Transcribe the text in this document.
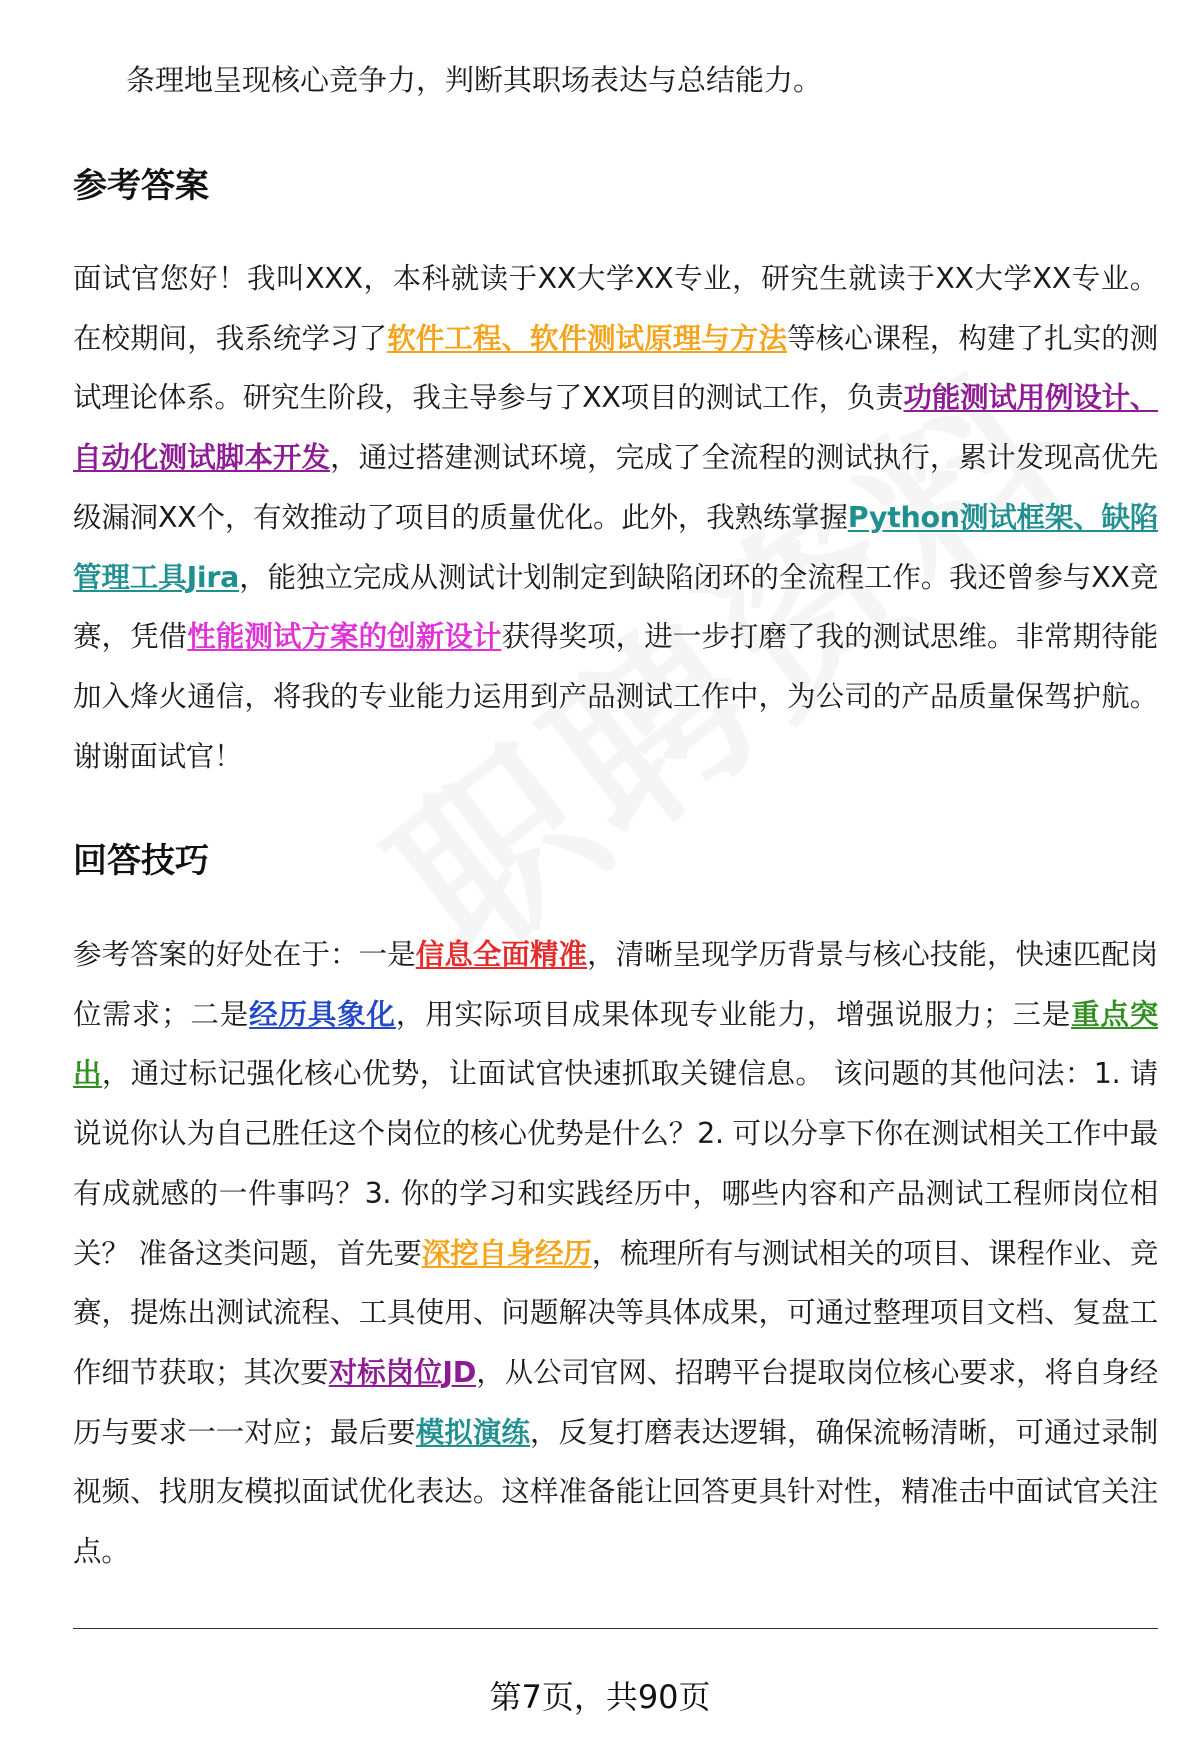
条理地呈现核心竞争力，判断其职场表达与总结能力。

参考答案

面试官您好！我叫XXX，本科就读于XX大学XX专业，研究生就读于XX大学XX专业。在校期间，我系统学习了软件工程、软件测试原理与方法等核心课程，构建了扎实的测试理论体系。研究生阶段，我主导参与了XX项目的测试工作，负责功能测试用例设计、自动化测试脚本开发，通过搭建测试环境，完成了全流程的测试执行，累计发现高优先级漏洞XX个，有效推动了项目的质量优化。此外，我熟练掌握Python测试框架、缺陷管理工具Jira，能独立完成从测试计划制定到缺陷闭环的全流程工作。我还曾参与XX竞赛，凭借性能测试方案的创新设计获得奖项，进一步打磨了我的测试思维。非常期待能加入烽火通信，将我的专业能力运用到产品测试工作中，为公司的产品质量保驾护航。谢谢面试官！

回答技巧

参考答案的好处在于：一是信息全面精准，清晰呈现学历背景与核心技能，快速匹配岗位需求；二是经历具象化，用实际项目成果体现专业能力，增强说服力；三是重点突出，通过标记强化核心优势，让面试官快速抓取关键信息。 该问题的其他问法：1. 请说说你认为自己胜任这个岗位的核心优势是什么？2. 可以分享下你在测试相关工作中最有成就感的一件事吗？3. 你的学习和实践经历中，哪些内容和产品测试工程师岗位相关？ 准备这类问题，首先要深挖自身经历，梳理所有与测试相关的项目、课程作业、竞赛，提炼出测试流程、工具使用、问题解决等具体成果，可通过整理项目文档、复盘工作细节获取；其次要对标岗位JD，从公司官网、招聘平台提取岗位核心要求，将自身经历与要求一一对应；最后要模拟演练，反复打磨表达逻辑，确保流畅清晰，可通过录制视频、找朋友模拟面试优化表达。这样准备能让回答更具针对性，精准击中面试官关注点。

第7页，共90页
